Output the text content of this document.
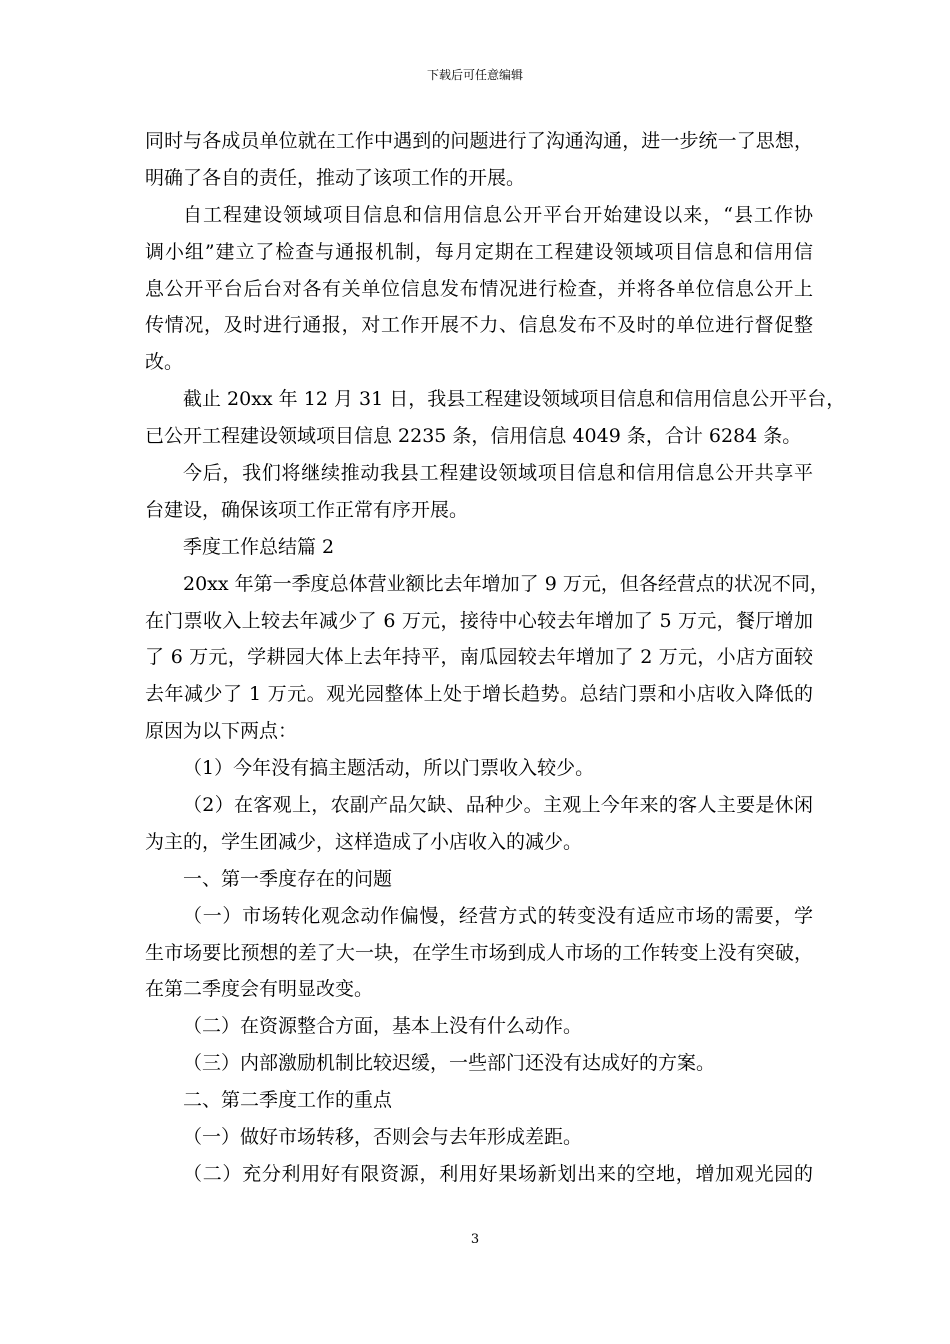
下载后可任意编辑
同时与各成员单位就在工作中遇到的问题进行了沟通沟通，进一步统一了思想，
明确了各自的责任，推动了该项工作的开展。
自工程建设领域项目信息和信用信息公开平台开始建设以来，“县工作协
调小组”建立了检查与通报机制，每月定期在工程建设领域项目信息和信用信
息公开平台后台对各有关单位信息发布情况进行检查，并将各单位信息公开上
传情况，及时进行通报，对工作开展不力、信息发布不及时的单位进行督促整
改。
截止 20xx 年 12 月 31 日，我县工程建设领域项目信息和信用信息公开平台，
已公开工程建设领域项目信息 2235 条，信用信息 4049 条，合计 6284 条。
今后，我们将继续推动我县工程建设领域项目信息和信用信息公开共享平
台建设，确保该项工作正常有序开展。
季度工作总结篇 2
20xx 年第一季度总体营业额比去年增加了 9 万元，但各经营点的状况不同，
在门票收入上较去年减少了 6 万元，接待中心较去年增加了 5 万元，餐厅增加
了 6 万元，学耕园大体上去年持平，南瓜园较去年增加了 2 万元，小店方面较
去年减少了 1 万元。观光园整体上处于增长趋势。总结门票和小店收入降低的
原因为以下两点：
（1）今年没有搞主题活动，所以门票收入较少。
（2）在客观上，农副产品欠缺、品种少。主观上今年来的客人主要是休闲
为主的，学生团减少，这样造成了小店收入的减少。
一、第一季度存在的问题
（一）市场转化观念动作偏慢，经营方式的转变没有适应市场的需要，学
生市场要比预想的差了大一块，在学生市场到成人市场的工作转变上没有突破，
在第二季度会有明显改变。
（二）在资源整合方面，基本上没有什么动作。
（三）内部激励机制比较迟缓，一些部门还没有达成好的方案。
二、第二季度工作的重点
（一）做好市场转移，否则会与去年形成差距。
（二）充分利用好有限资源，利用好果场新划出来的空地，增加观光园的
3
